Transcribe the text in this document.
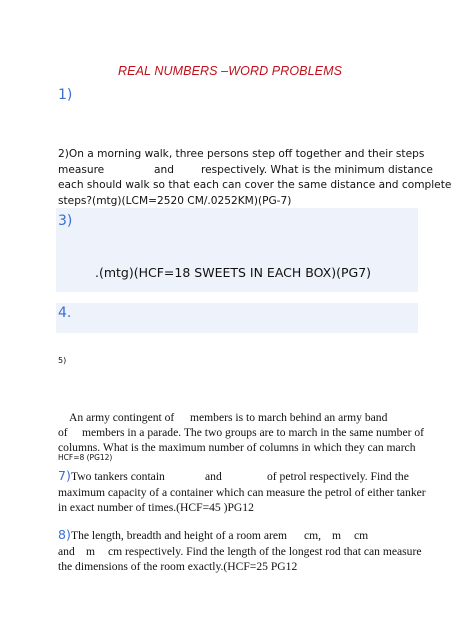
REAL NUMBERS –WORD PROBLEMS
1)
2)On a morning walk, three persons step off together and their steps
measure	and	respectively. What is the minimum distance
each should walk so that each can cover the same distance and complete
steps?(mtg)(LCM=2520 CM/.0252KM)(PG-7)
3)
.(mtg)(HCF=18 SWEETS IN EACH BOX)(PG7)
4.
5)
An army contingent of members is to march behind an army band
of members in a parade. The two groups are to march in the same number of
columns. What is the maximum number of columns in which they can march
HCF=8 (PG12)
7) Two tankers contain	and	of petrol respectively. Find the
maximum capacity of a container which can measure the petrol of either tanker
in exact number of times.(HCF=45 )PG12
8) The length, breadth and height of a room are m cm, m cm
and m cm respectively. Find the length of the longest rod that can measure
the dimensions of the room exactly.(HCF=25 PG12
